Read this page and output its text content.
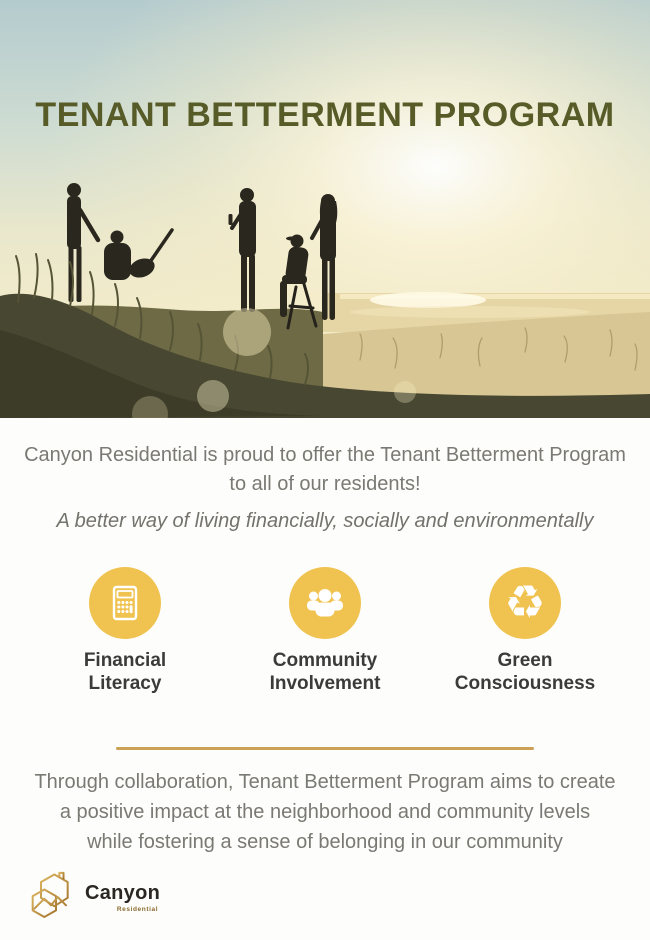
TENANT BETTERMENT PROGRAM
Canyon Residential is proud to offer the Tenant Betterment Program
to all of our residents!
A better way of living financially, socially and environmentally
Financial
Literacy
Community
Involvement
♻
Green
Consciousness
Through collaboration, Tenant Betterment Program aims to create
a positive impact at the neighborhood and community levels
while fostering a sense of belonging in our community
Canyon
Residential
